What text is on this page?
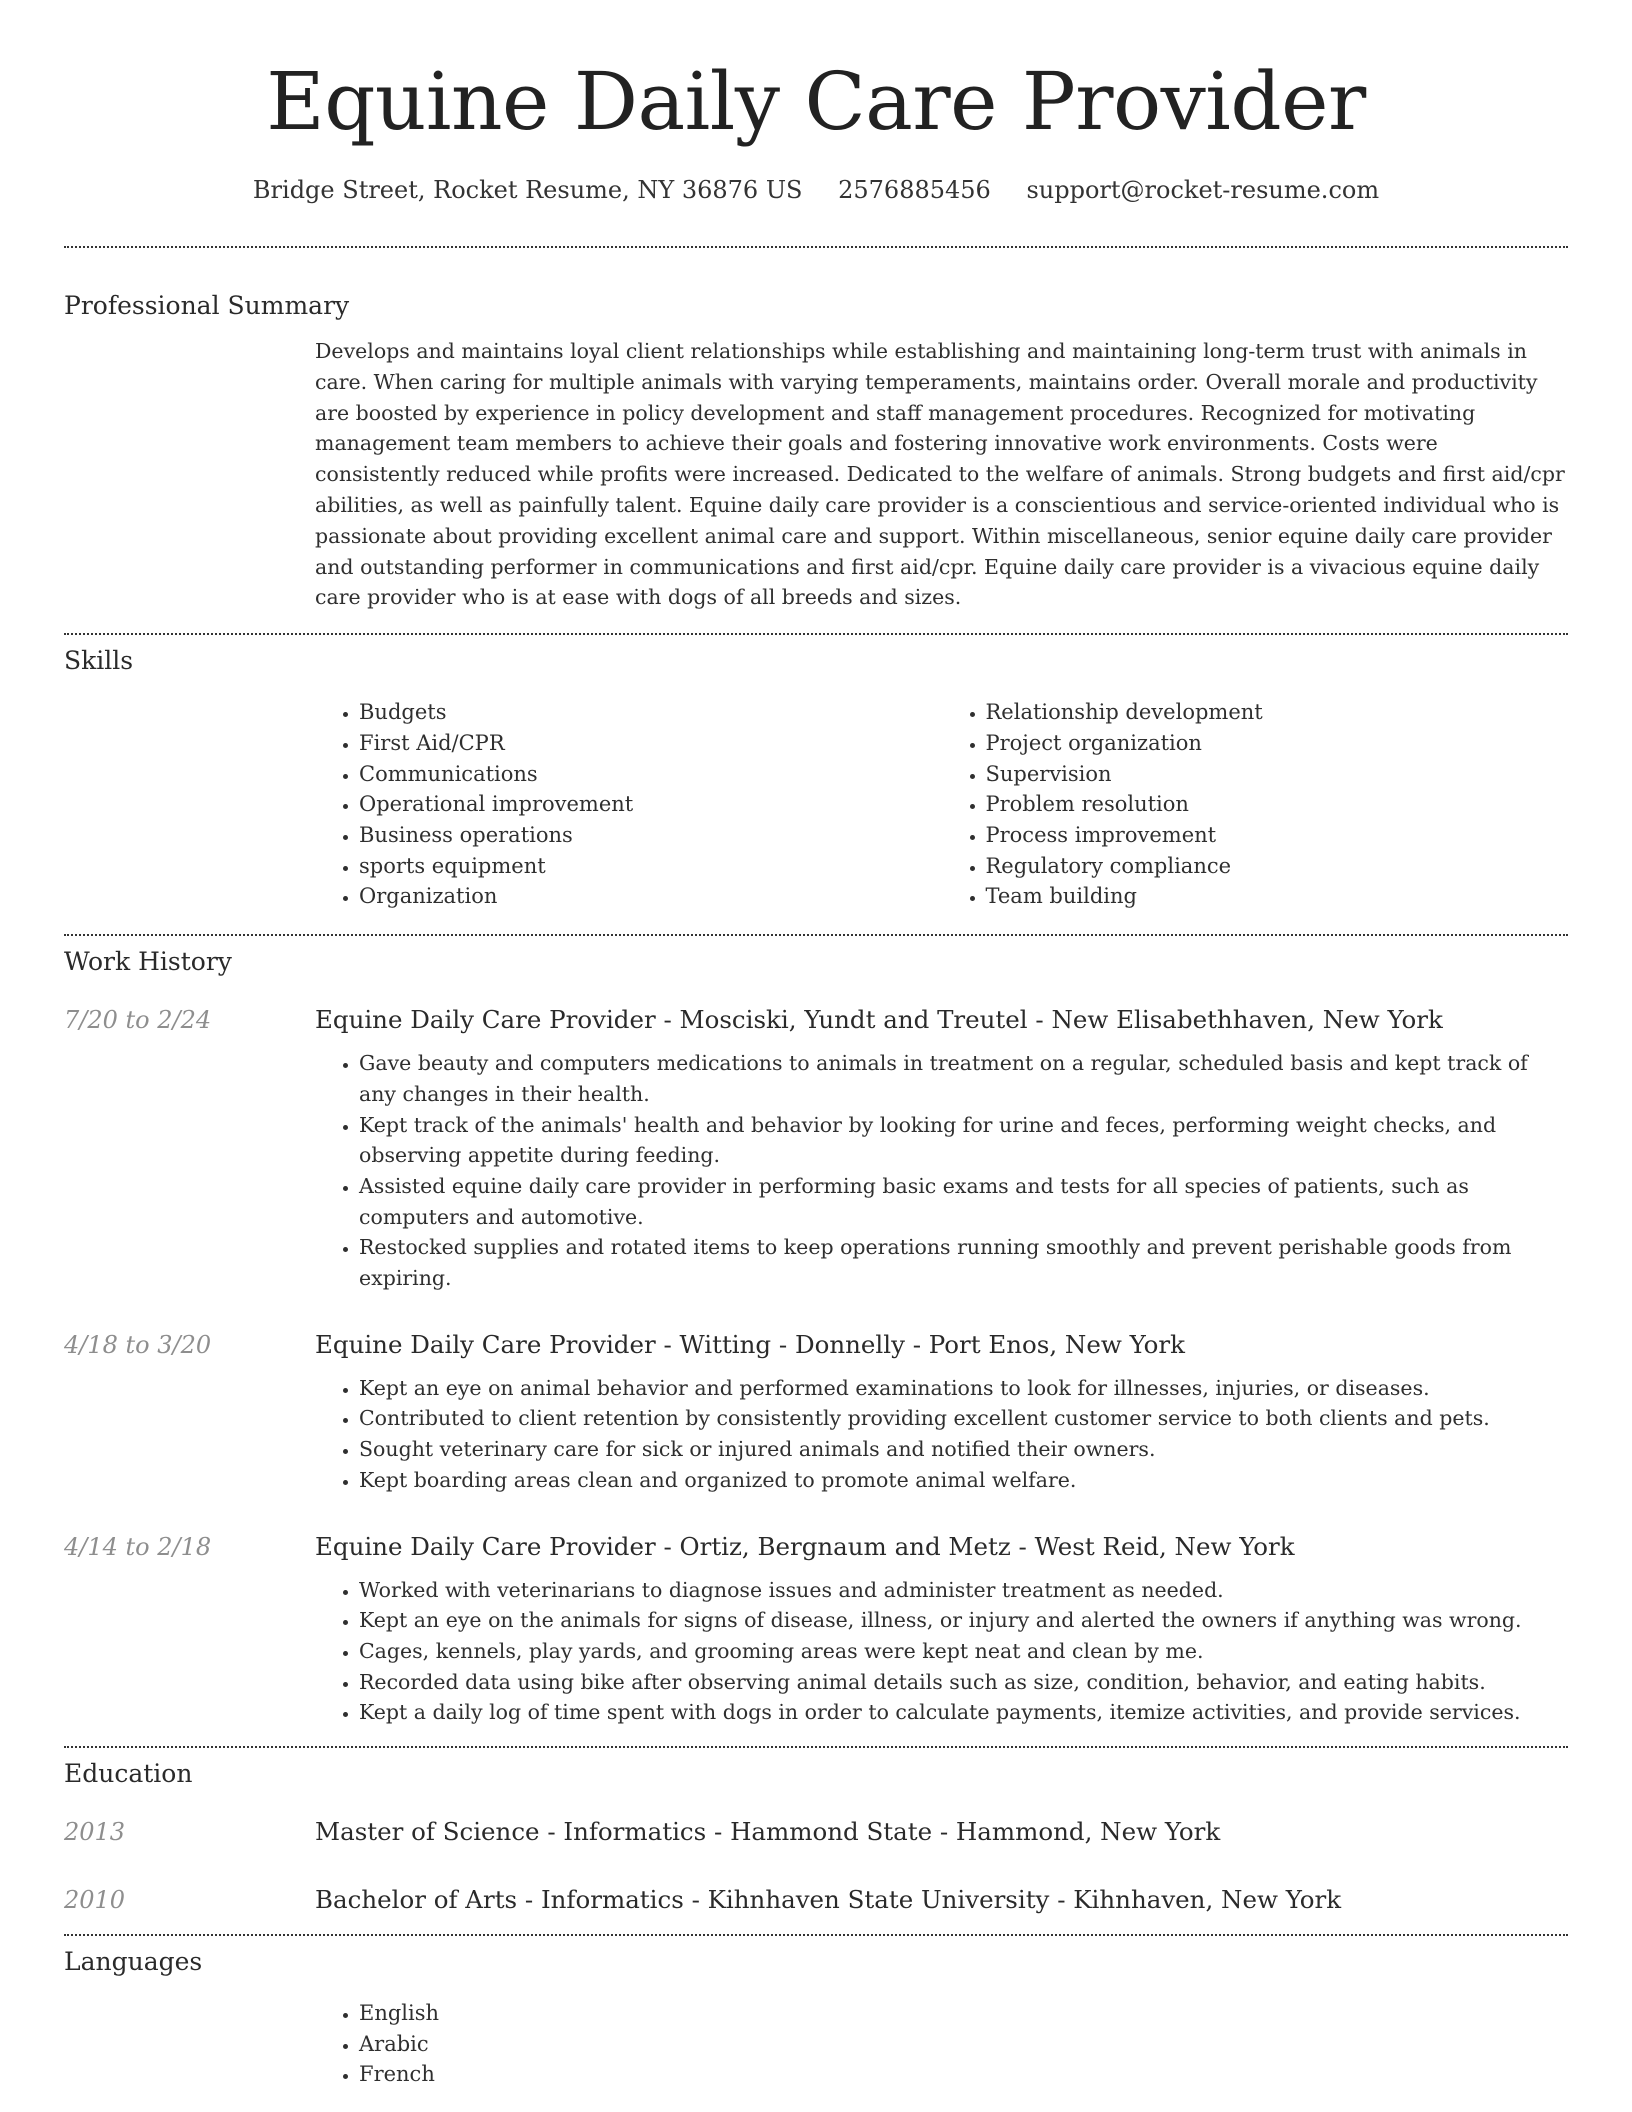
Equine Daily Care Provider
Bridge Street, Rocket Resume, NY 36876 US 2576885456 support@rocket-resume.com
Professional Summary
Develops and maintains loyal client relationships while establishing and maintaining long-term trust with animals in care. When caring for multiple animals with varying temperaments, maintains order. Overall morale and productivity are boosted by experience in policy development and staff management procedures. Recognized for motivating management team members to achieve their goals and fostering innovative work environments. Costs were consistently reduced while profits were increased. Dedicated to the welfare of animals. Strong budgets and first aid/cpr abilities, as well as painfully talent. Equine daily care provider is a conscientious and service-oriented individual who is passionate about providing excellent animal care and support. Within miscellaneous, senior equine daily care provider and outstanding performer in communications and first aid/cpr. Equine daily care provider is a vivacious equine daily care provider who is at ease with dogs of all breeds and sizes.
Skills
• Budgets
• First Aid/CPR
• Communications
• Operational improvement
• Business operations
• sports equipment
• Organization
• Relationship development
• Project organization
• Supervision
• Problem resolution
• Process improvement
• Regulatory compliance
• Team building
Work History
7/20 to 2/24	Equine Daily Care Provider - Mosciski, Yundt and Treutel - New Elisabethhaven, New York
• Gave beauty and computers medications to animals in treatment on a regular, scheduled basis and kept track of any changes in their health.
• Kept track of the animals' health and behavior by looking for urine and feces, performing weight checks, and observing appetite during feeding.
• Assisted equine daily care provider in performing basic exams and tests for all species of patients, such as computers and automotive.
• Restocked supplies and rotated items to keep operations running smoothly and prevent perishable goods from expiring.
4/18 to 3/20	Equine Daily Care Provider - Witting - Donnelly - Port Enos, New York
• Kept an eye on animal behavior and performed examinations to look for illnesses, injuries, or diseases.
• Contributed to client retention by consistently providing excellent customer service to both clients and pets.
• Sought veterinary care for sick or injured animals and notified their owners.
• Kept boarding areas clean and organized to promote animal welfare.
4/14 to 2/18	Equine Daily Care Provider - Ortiz, Bergnaum and Metz - West Reid, New York
• Worked with veterinarians to diagnose issues and administer treatment as needed.
• Kept an eye on the animals for signs of disease, illness, or injury and alerted the owners if anything was wrong.
• Cages, kennels, play yards, and grooming areas were kept neat and clean by me.
• Recorded data using bike after observing animal details such as size, condition, behavior, and eating habits.
• Kept a daily log of time spent with dogs in order to calculate payments, itemize activities, and provide services.
Education
2013	Master of Science - Informatics - Hammond State - Hammond, New York
2010	Bachelor of Arts - Informatics - Kihnhaven State University - Kihnhaven, New York
Languages
• English
• Arabic
• French
